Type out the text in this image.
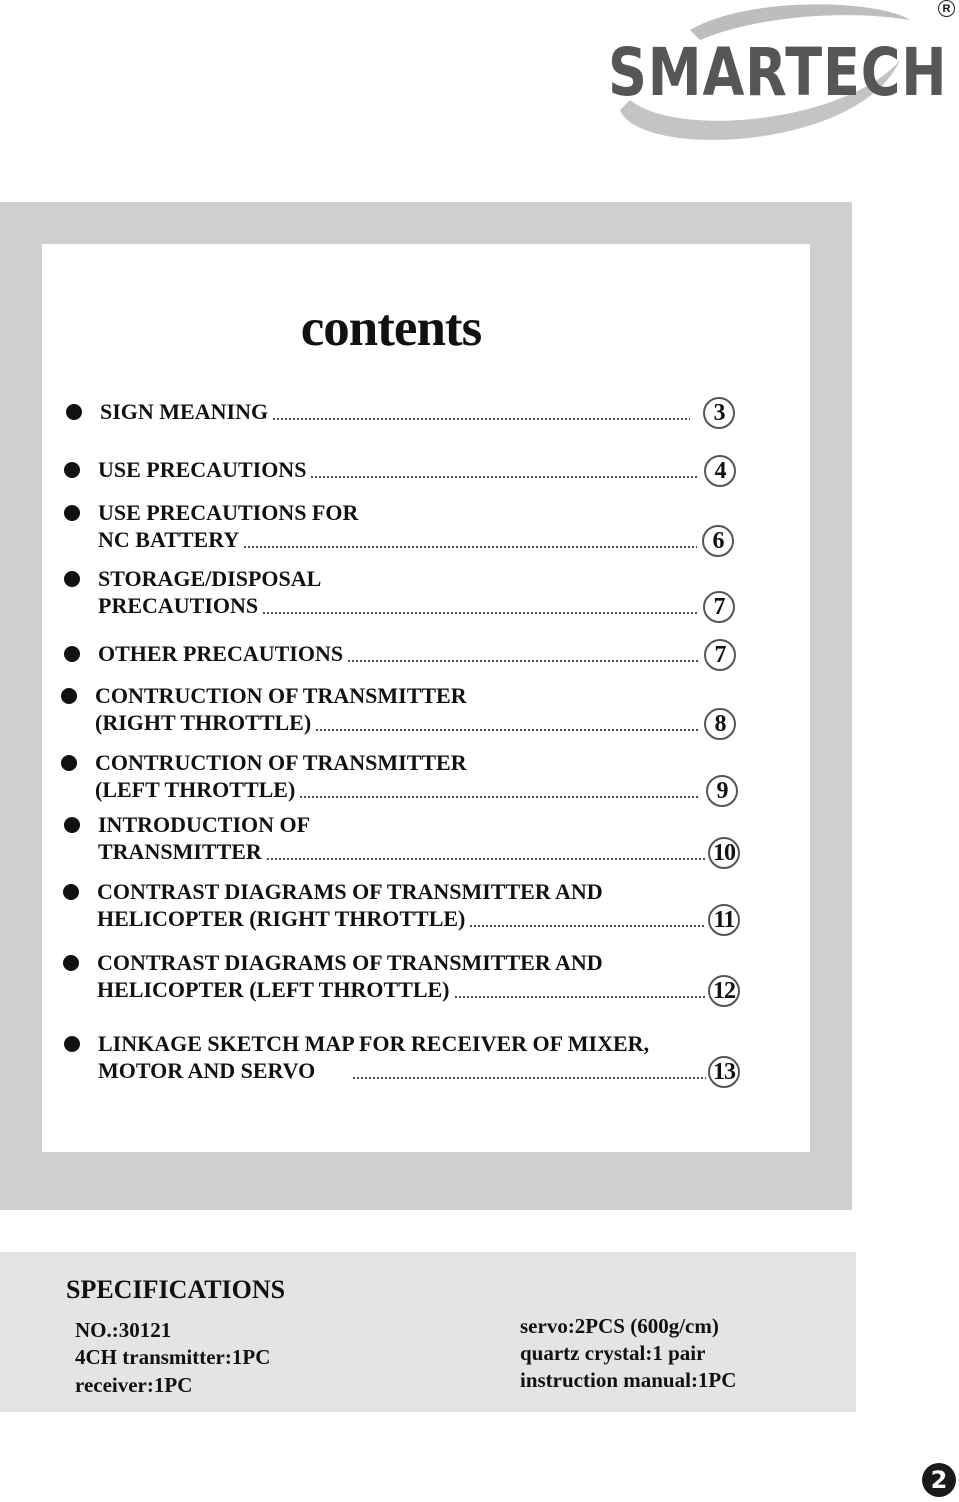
SMARTECH
R
contents
SIGN MEANING	3
USE PRECAUTIONS	4
USE PRECAUTIONS FOR
NC BATTERY	6
STORAGE/DISPOSAL
PRECAUTIONS	7
OTHER PRECAUTIONS	7
CONTRUCTION OF TRANSMITTER
(RIGHT THROTTLE)	8
CONTRUCTION OF TRANSMITTER
(LEFT THROTTLE)	9
INTRODUCTION OF
TRANSMITTER	10
CONTRAST DIAGRAMS OF TRANSMITTER AND
HELICOPTER (RIGHT THROTTLE)	11
CONTRAST DIAGRAMS OF TRANSMITTER AND
HELICOPTER (LEFT THROTTLE)	12
LINKAGE SKETCH MAP FOR RECEIVER OF MIXER,
MOTOR AND SERVO	13
SPECIFICATIONS
NO.:30121
4CH transmitter:1PC
receiver:1PC
servo:2PCS (600g/cm)
quartz crystal:1 pair
instruction manual:1PC
2
